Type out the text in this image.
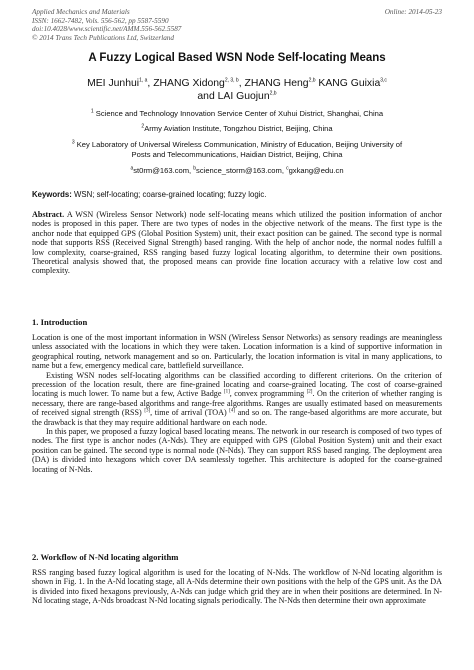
Applied Mechanics and Materials
ISSN: 1662-7482, Vols. 556-562, pp 5587-5590
doi:10.4028/www.scientific.net/AMM.556-562.5587
© 2014 Trans Tech Publications Ltd, Switzerland
Online: 2014-05-23
A Fuzzy Logical Based WSN Node Self-locating Means
MEI Junhui$^{1, a}$, ZHANG Xidong$^{2, 3, b}$, ZHANG Heng$^{2,b}$ KANG Guixia$^{3,c}$
and LAI Guojun$^{2,b}$
$^1$ Science and Technology Innovation Service Center of Xuhui District, Shanghai, China
$^2$Army Aviation Institute, Tongzhou District, Beijing, China
$^3$ Key Laboratory of Universal Wireless Communication, Ministry of Education, Beijing University of
Posts and Telecommunications, Haidian District, Beijing, China
$^a$st0rm@163.com, $^b$science_storm@163.com, $^c$gxkang@edu.cn
Keywords: WSN; self-locating; coarse-grained locating; fuzzy logic.

Abstract. A WSN (Wireless Sensor Network) node self-locating means which utilized the position information of anchor nodes is proposed in this paper. There are two types of nodes in the objective network of the means. The first type is the anchor node that equipped GPS (Global Position System) unit, their exact position can be gained. The second type is normal node that supports RSS (Received Signal Strength) based ranging. With the help of anchor node, the normal nodes fulfill a low complexity, coarse-grained, RSS ranging based fuzzy logical locating algorithm, to determine their own positions. Theoretical analysis showed that, the proposed means can provide fine location accuracy with a relative low cost and complexity.

1. Introduction

Location is one of the most important information in WSN (Wireless Sensor Networks) as sensory readings are meaningless unless associated with the locations in which they were taken. Location information is a kind of supportive information in geographical routing, network management and so on. Particularly, the location information is vital in many applications, to name but a few, emergency medical care, battlefield surveillance.

Existing WSN nodes self-locating algorithms can be classified according to different criterions. On the criterion of precession of the location result, there are fine-grained locating and coarse-grained locating. The cost of coarse-grained locating is much lower. To name but a few, Active Badge [1], convex programming [2]. On the criterion of whether ranging is necessary, there are range-based algorithms and range-free algorithms. Ranges are usually estimated based on measurements of received signal strength (RSS) [3], time of arrival (TOA) [4] and so on. The range-based algorithms are more accurate, but the drawback is that they may require additional hardware on each node.

In this paper, we proposed a fuzzy logical based locating means. The network in our research is composed of two types of nodes. The first type is anchor nodes (A-Nds). They are equipped with GPS (Global Position System) unit and their exact position can be gained. The second type is normal node (N-Nds). They can support RSS based ranging. The deployment area (DA) is divided into hexagons which cover DA seamlessly together. This architecture is adopted for the coarse-grained locating of N-Nds.

2. Workflow of N-Nd locating algorithm

RSS ranging based fuzzy logical algorithm is used for the locating of N-Nds. The workflow of N-Nd locating algorithm is shown in Fig. 1. In the A-Nd locating stage, all A-Nds determine their own positions with the help of the GPS unit. As the DA is divided into fixed hexagons previously, A-Nds can judge which grid they are in when their positions are determined. In N-Nd locating stage, A-Nds broadcast N-Nd locating signals periodically. The N-Nds then determine their own approximate
